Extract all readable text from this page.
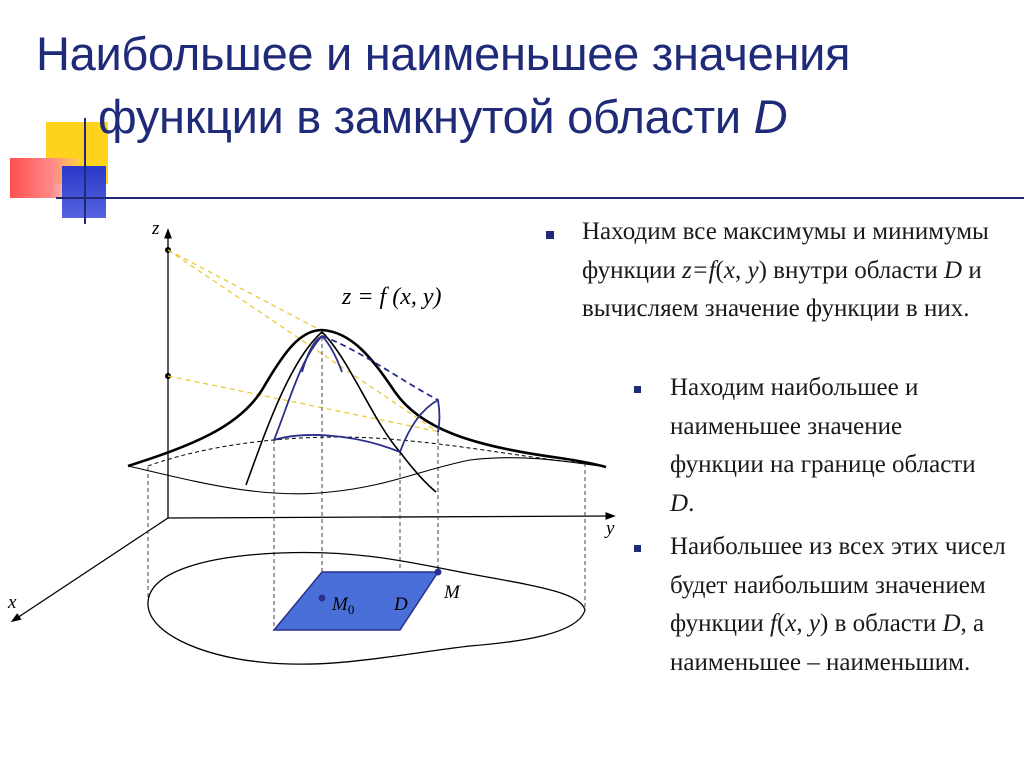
Наибольшее и наименьшее значения
функции в замкнутой области D
z
y
x	$M_0$ D
M
z = f (x, y)
Находим все максимумы и минимумы функции z=f(x, y) внутри области D и вычисляем значение функции в них.
Находим наибольшее и наименьшее значение функции на границе области D.
Наибольшее из всех этих чисел будет наибольшим значением функции f(x, y) в области D, а наименьшее – наименьшим.
